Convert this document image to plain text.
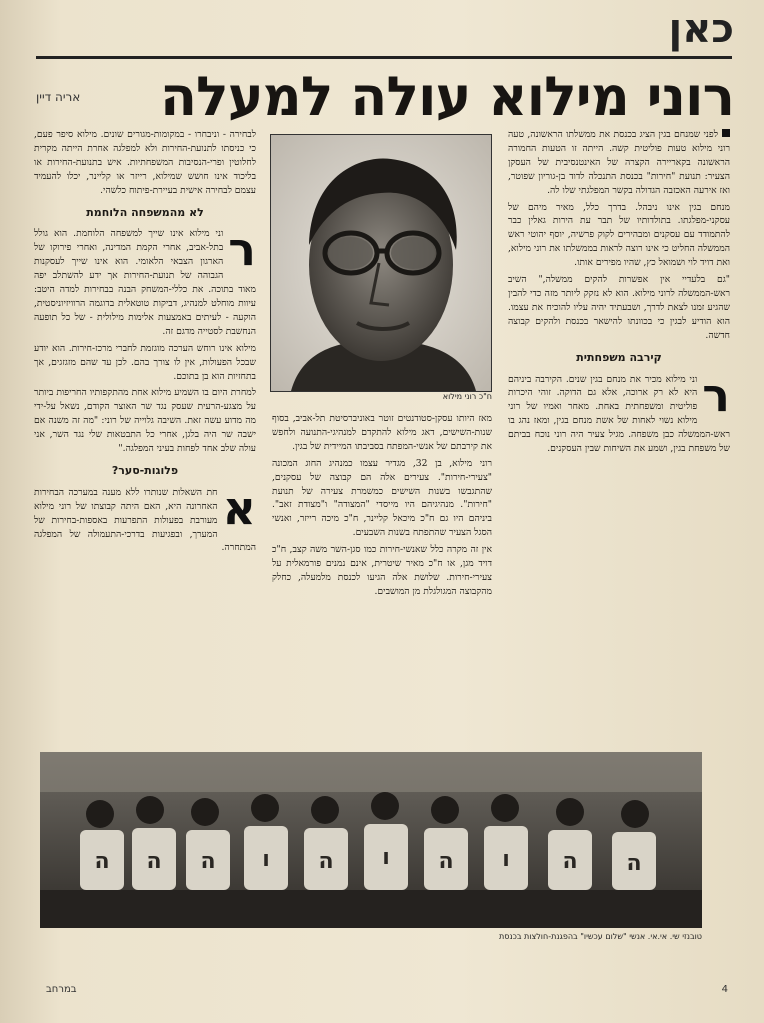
כאן
רוני מילוא עולה למעלה
אריה דיין

לפני שמנחם בגין הציג בכנסת את ממשלתו הראשונה, טעה רוני מילוא טעות פוליטית קשה. הייתה זו הטעות החמורה הראשונה בקאריירה הקצרה של האינטנסיבית של העסקן הצעיר: תנועת "חירות" בכנסת התנכלה לדוד בן-גוריון שפוטר, ואז אירעה האכזבה הגדולה בקשר המפלגתי שלו לה.

מנחם בגין אינו ניבהל. בדרך כלל, מאיר מיהם של עסקני-מפלגתו. בתולדותיו של תבר עת הירות גאלין כבר להתמודד עם עסקנים ומבהירים לקוק פרשיה, יוסף יהוטי ראש הממשלה החליט כי אינו רוצה לראות בממשלתו את רוני מילוא, ואת דויד לוי ושמואל כץ, שהיו מפירים אותו.

"גם בלעדיי אין אפשרות להקים ממשלה," השיב ראש-הממשלה לרוני מילוא. הוא לא נזקק ליותר מזה כדי להבין שהגיע זמנו לצאת לדרך, ושבעתיד יהיה עליו להוכיח את עצמו. הוא הודיע לבגין כי בכוונתו להישאר בכנסת ולהקים קבוצה חדשה.

קירבה משפחתית

ר
וני מילוא מכיר את מנחם בגין שנים. הקירבה ביניהם היא לא רק ארוכה, אלא גם הדוקה. זוהי היכרות פוליטית ומשפחתית באחת. מאחר ואמיו של רוני מילוא נשוי לאחות של אשת מנחם בגין, ומאז נהג בו ראש-הממשלה כבן משפחה. מגיל צעיר היה רוני נוכח בביתם של משפחת בגין, ושמע את השיחות שבין העסקנים.

ח"כ רוני מילוא

מאז היותו עסקן-סטודנטים זוטר באוניברסיטת תל-אביב, בסוף שנות-השישים, דאג מילוא להתקדם למנהיגי-התנועה ולחפש את קירבתם של אנשי-המפתח בסביבתו המיידית של בגין.

רוני מילוא, בן 32, מגדיר עצמו כמנהיג החוג המכונה "צעירי-חירות". צעירים אלה הם קבוצה של עסקנים, שהתגבשו בשנות השישים כמשמרת צעירה של תנועת "חירות". מנהיגיהם היו מייסדי "המצודה" ו"מצודת זאב". ביניהם היו גם ח"כ מיכאל קליינר, ח"כ מיכה רייזר, ואנשי הסגל הצעיר שהתפתח בשנות השבעים.

אין זה מקרה כלל שאנשי-חירות כמו סגן-השר משה קצב, ח"כ דויד מגן, או ח"כ מאיר שיטרית, אינם נמנים פורמאלית על צעירי-חירות. שלושת אלה הגיעו לכנסת מלמעלה, כחלק מהקבוצה המגולגלת מן המושבים.

לבחירה - וניבחרו - במקומות-מגורים שונים. מילוא סיפר פעם, כי כניסתו לתנועת-החירות ולא למפלגה אחרת הייתה מקרית לחלוטין ופרי-הנסיבות המשפחתיות. איש בתנועת-החירות או בליכוד אינו חושש שמילוא, רייזר או קליינר, יכלו להעמיד עצמם לבחירה אישית בעיירת-פיתוח כלשהי.

לא מהמשפחה הלוחמת

ר
וני מילוא אינו שייך למשפחה הלוחמת. הוא גולל בתל-אביב, אחרי הקמת המדינה, ואחרי פירוקו של הארגון הצבאי הלאומי. הוא אינו שייך לעסקנות הגבוהה של תנועת-החירות אך ידע להשתלב יפה מאוד בתוכה. את כללי-המשחק הבנה בבחירות למדה היטב: עיוות מוחלט למנהיג, דביקות טוטאלית בדוגמה הרוויזיוניסטית, הוקעה - לעיתים באמצעות אלימות מילולית - של כל תופעה הנחשבת לסטייה מדגם זה.

מילוא אינו רוחש הערכה מוגזמת לחברי מרכז-חירות. הוא יודע שבכל הפעולות, אין לו צורך בהם. לכן עד שהם מזגזגים, אך בתחזיות הוא בן בתוכם.

למחרת היום בו השמיע מילוא אחת מהתקפותיו החריפות ביותר על מצגע-הרעית שעסק נגד שר האוצר הקודם, נשאל על-ידי מה מדוע עשה זאת. השיבה גלוייה של רוני: "מה זה משנה אם ישבה שר היה בלגן, אחרי כל התבטאות שלי נגד השר, אני עולה שלב אחד לפחות בעיני המפלגה."

פלוגות-סער?

א
חת השאלות שנותרו ללא מענה במערכה הבחירות האחרונה היא, האם היתה קבוצתו של רוני מילוא מעורבת בפעולות התפרעות באספות-בחירות של המערך, ובפגיעות בדרכי-התעמולה של המפלגה המתחרה.

ה ה ה ו ה ו ה ו ה ה
טובנזי שי. אי.אי. אנשי "שלום עכשיו" בהפגנת-חולצות בכנסת
במרחב	4
